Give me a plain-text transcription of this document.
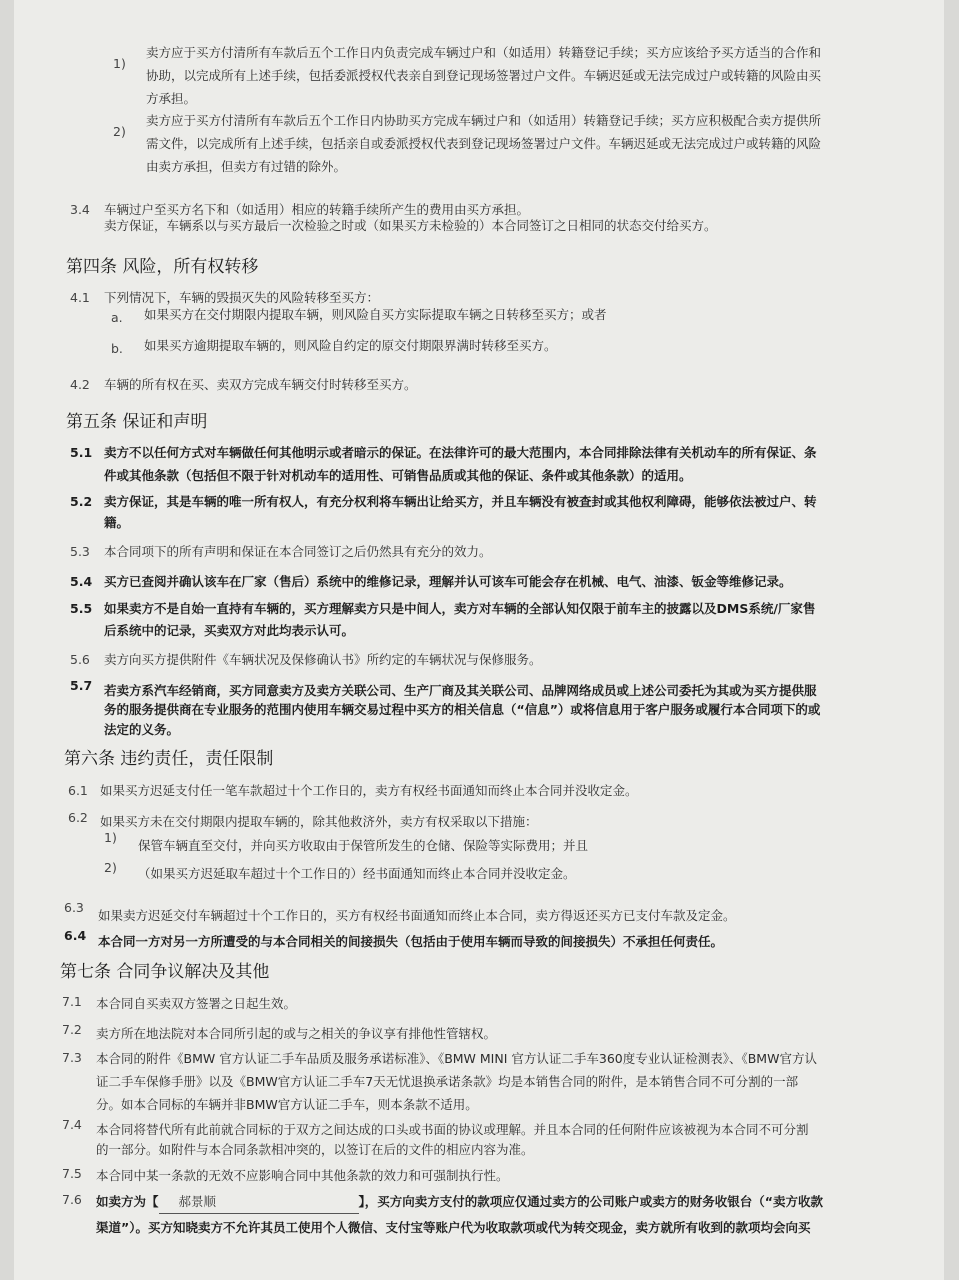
1)
卖方应于买方付清所有车款后五个工作日内负责完成车辆过户和（如适用）转籍登记手续；买方应该给予买方适当的合作和
协助，以完成所有上述手续，包括委派授权代表亲自到登记现场签署过户文件。车辆迟延或无法完成过户或转籍的风险由买
方承担。
2)
卖方应于买方付清所有车款后五个工作日内协助买方完成车辆过户和（如适用）转籍登记手续；买方应积极配合卖方提供所
需文件，以完成所有上述手续，包括亲自或委派授权代表到登记现场签署过户文件。车辆迟延或无法完成过户或转籍的风险
由卖方承担，但卖方有过错的除外。
3.4 车辆过户至买方名下和（如适用）相应的转籍手续所产生的费用由买方承担。
卖方保证，车辆系以与买方最后一次检验之时或（如果买方未检验的）本合同签订之日相同的状态交付给买方。
第四条 风险，所有权转移
4.1 下列情况下，车辆的毁损灭失的风险转移至买方：
a. 如果买方在交付期限内提取车辆，则风险自买方实际提取车辆之日转移至买方；或者
b. 如果买方逾期提取车辆的，则风险自约定的原交付期限界满时转移至买方。
4.2 车辆的所有权在买、卖双方完成车辆交付时转移至买方。
第五条 保证和声明
5.1 卖方不以任何方式对车辆做任何其他明示或者暗示的保证。在法律许可的最大范围内，本合同排除法律有关机动车的所有保证、条
件或其他条款（包括但不限于针对机动车的适用性、可销售品质或其他的保证、条件或其他条款）的适用。
5.2 卖方保证，其是车辆的唯一所有权人，有充分权利将车辆出让给买方，并且车辆没有被查封或其他权利障碍，能够依法被过户、转
籍。
5.3 本合同项下的所有声明和保证在本合同签订之后仍然具有充分的效力。
5.4 买方已查阅并确认该车在厂家（售后）系统中的维修记录，理解并认可该车可能会存在机械、电气、油漆、钣金等维修记录。
5.5 如果卖方不是自始一直持有车辆的，买方理解卖方只是中间人，卖方对车辆的全部认知仅限于前车主的披露以及DMS系统/厂家售
后系统中的记录，买卖双方对此均表示认可。
5.6 卖方向买方提供附件《车辆状况及保修确认书》所约定的车辆状况与保修服务。
5.7 若卖方系汽车经销商，买方同意卖方及卖方关联公司、生产厂商及其关联公司、品牌网络成员或上述公司委托为其或为买方提供服
务的服务提供商在专业服务的范围内使用车辆交易过程中买方的相关信息（“信息”）或将信息用于客户服务或履行本合同项下的或
法定的义务。
第六条 违约责任，责任限制
6.1 如果买方迟延支付任一笔车款超过十个工作日的，卖方有权经书面通知而终止本合同并没收定金。
6.2 如果买方未在交付期限内提取车辆的，除其他救济外，卖方有权采取以下措施：
1)
保管车辆直至交付，并向买方收取由于保管所发生的仓储、保险等实际费用；并且
2) （如果买方迟延取车超过十个工作日的）经书面通知而终止本合同并没收定金。
6.3
如果卖方迟延交付车辆超过十个工作日的，买方有权经书面通知而终止本合同，卖方得返还买方已支付车款及定金。
6.4 本合同一方对另一方所遭受的与本合同相关的间接损失（包括由于使用车辆而导致的间接损失）不承担任何责任。
第七条 合同争议解决及其他
7.1 本合同自买卖双方签署之日起生效。
7.2 卖方所在地法院对本合同所引起的或与之相关的争议享有排他性管辖权。
7.3 本合同的附件《BMW 官方认证二手车品质及服务承诺标准》、《BMW MINI 官方认证二手车360度专业认证检测表》、《BMW官方认
证二手车保修手册》以及《BMW官方认证二手车7天无忧退换承诺条款》均是本销售合同的附件，是本销售合同不可分割的一部
分。如本合同标的车辆并非BMW官方认证二手车，则本条款不适用。
7.4 本合同将替代所有此前就合同标的于双方之间达成的口头或书面的协议或理解。并且本合同的任何附件应该被视为本合同不可分割
的一部分。如附件与本合同条款相冲突的，以签订在后的文件的相应内容为准。
7.5 本合同中某一条款的无效不应影响合同中其他条款的效力和可强制执行性。
7.6 如卖方为【 郝景顺	】，买方向卖方支付的款项应仅通过卖方的公司账户或卖方的财务收银台（“卖方收款
渠道”）。买方知晓卖方不允许其员工使用个人微信、支付宝等账户代为收取款项或代为转交现金，卖方就所有收到的款项均会向买
